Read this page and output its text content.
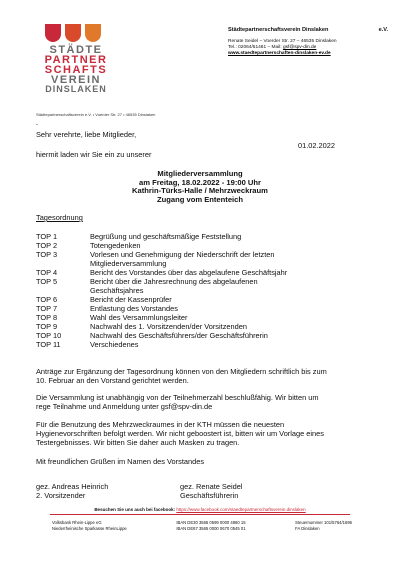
STÄDTE
PARTNER
SCHAFTS
VEREIN
DINSLAKEN
Städtepartnerschaftsverein Dinslaken	e.V.
Renate Seidel – Voerder Str. 27 – 46535 Dinslaken
Tel.: 02064/51481 – Mail: gsf@spv-din.de
www.staedtepartnerschaften-dinslaken-ev.de
Städtepartnerschaftsverein e.V. • Voerder Str. 27 • 46535 Dinslaken
-
Sehr verehrte, liebe Mitglieder,
01.02.2022
hiermit laden wir Sie ein zu unserer
Mitgliederversammlung
am Freitag, 18.02.2022 - 19:00 Uhr
Kathrin-Türks-Halle / Mehrzweckraum
Zugang vom Ententeich
Tagesordnung
TOP 1	Begrüßung und geschäftsmäßige Feststellung
TOP 2	Totengedenken
TOP 3	Vorlesen und Genehmigung der Niederschrift der letzten
Mitgliederversammlung
TOP 4	Bericht des Vorstandes über das abgelaufene Geschäftsjahr
TOP 5	Bericht über die Jahresrechnung des abgelaufenen
Geschäftsjahres
TOP 6	Bericht der Kassenprüfer
TOP 7	Entlastung des Vorstandes
TOP 8	Wahl des Versammlungsleiter
TOP 9	Nachwahl des 1. Vorsitzenden/der Vorsitzenden
TOP 10	Nachwahl des Geschäftsführers/der Geschäftsführerin
TOP 11	Verschiedenes
Anträge zur Ergänzung der Tagesordnung können von den Mitgliedern schriftlich bis zum
10. Februar an den Vorstand gerichtet werden.
Die Versammlung ist unabhängig von der Teilnehmerzahl beschlußfähig. Wir bitten um
rege Teilnahme und Anmeldung unter gsf@spv-din.de
Für die Benutzung des Mehrzweckraumes in der KTH müssen die neuesten
Hygienevorschriften befolgt werden. Wir nicht geboostert ist, bitten wir um Vorlage eines
Testergebnisses. Wir bitten Sie daher auch Masken zu tragen.
Mit freundlichen Grüßen im Namen des Vorstandes
gez. Andreas Heinrich
2. Vorsitzender
gez. Renate Seidel
Geschäftsführerin
Besuchen Sie uns auch bei facebook: https://www.facebook.com/staedtepartnerschaftsverein.dinslaken
Volksbank Rhein-Lippe eG
Niederrheinische Sparkasse RheinLippe
IBAN DE30 3566 0599 0000 4860 15
IBAN DE67 3565 0000 0670 0545 01
Steuernummer 101/5764/1696
FA Dinslaken
